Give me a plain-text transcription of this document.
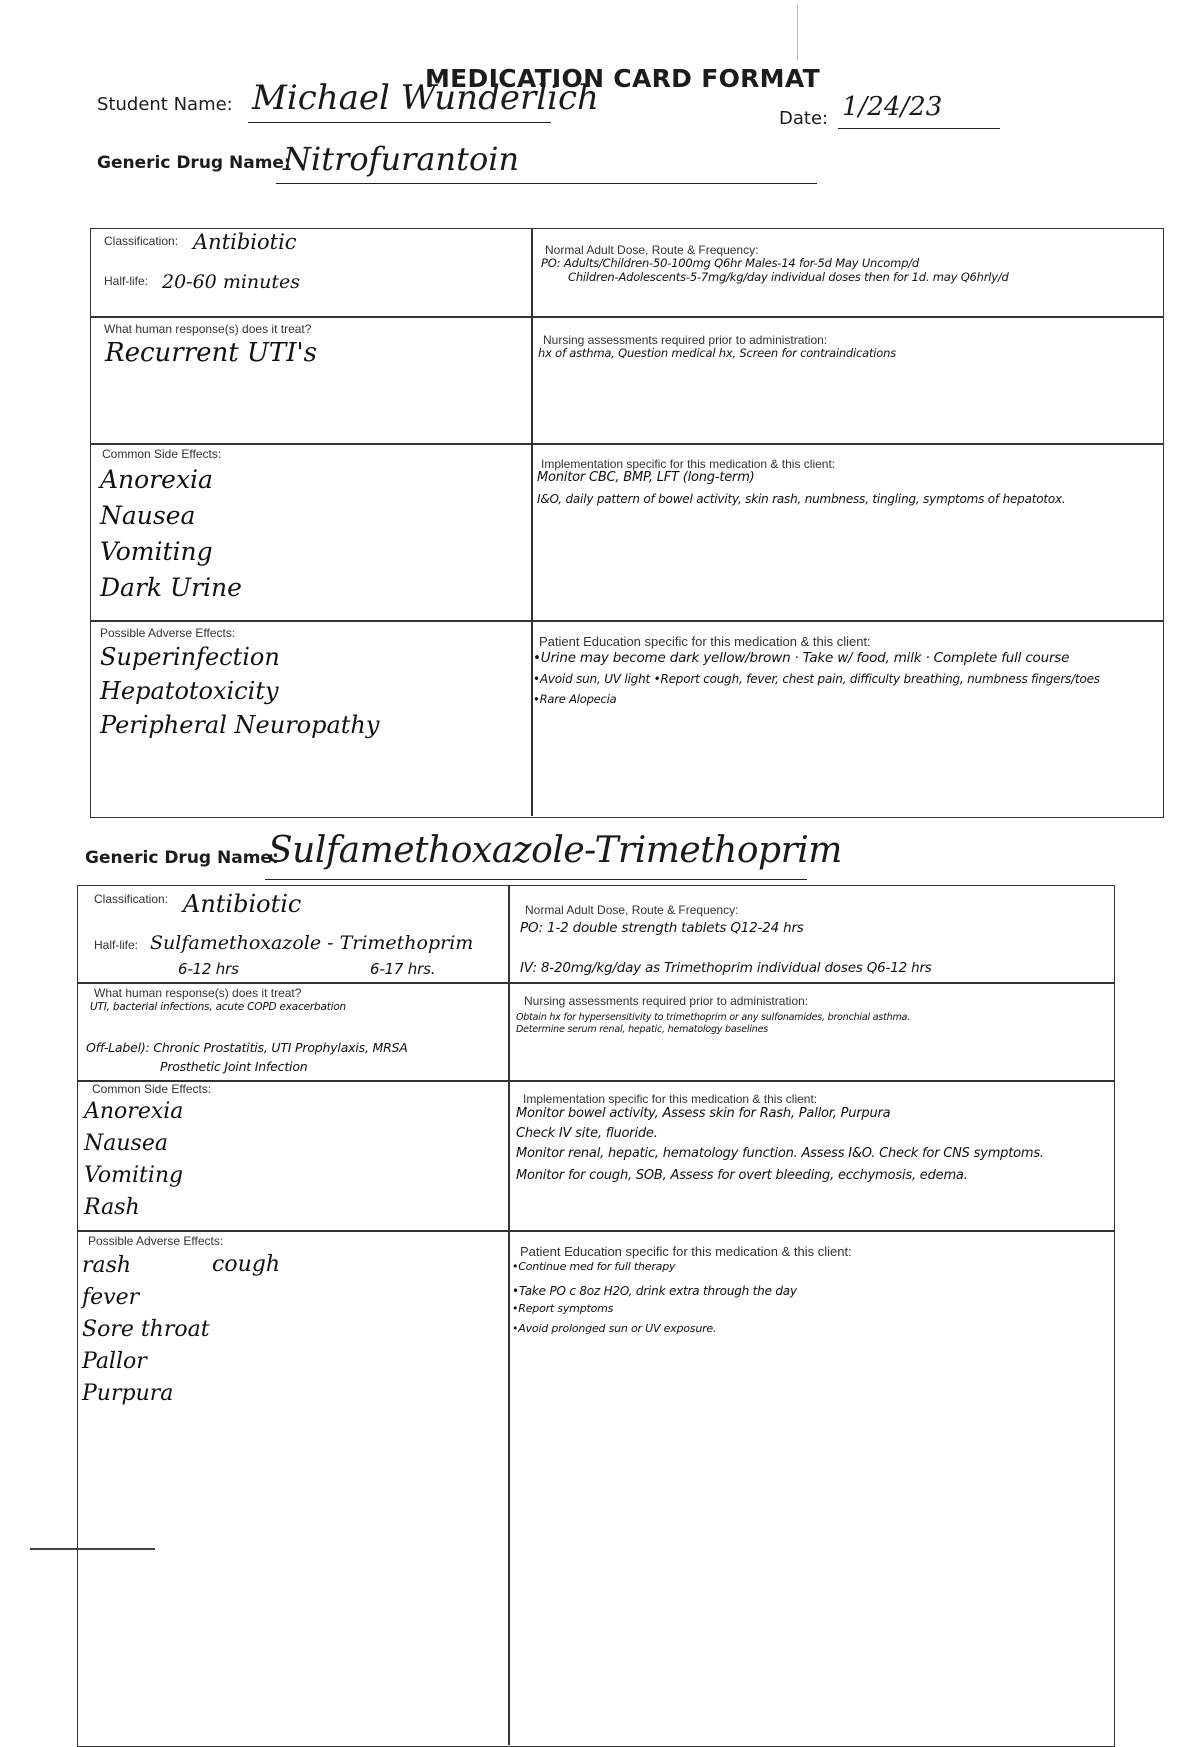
MEDICATION CARD FORMAT
Student Name: Michael Wunderlich
Date: 1/24/23
Generic Drug Name:
Nitrofurantoin
Classification: Antibiotic
Half-life: 20-60 minutes
Normal Adult Dose, Route & Frequency:
PO: Adults/Children-50-100mg Q6hr Males-14 for-5d May Uncomp/d
Children-Adolescents-5-7mg/kg/day individual doses then for 1d. may Q6hrly/d
What human response(s) does it treat?
Recurrent UTI's	Nursing assessments required prior to administration:
hx of asthma, Question medical hx, Screen for contraindications
Common Side Effects:
Anorexia
Nausea
Vomiting
Dark Urine
Implementation specific for this medication & this client:
Monitor CBC, BMP, LFT (long-term)
I&O, daily pattern of bowel activity, skin rash, numbness, tingling, symptoms of hepatotox.
Possible Adverse Effects:
Superinfection
Hepatotoxicity
Peripheral Neuropathy
Patient Education specific for this medication & this client:
•Urine may become dark yellow/brown · Take w/ food, milk · Complete full course
•Avoid sun, UV light •Report cough, fever, chest pain, difficulty breathing, numbness fingers/toes
•Rare Alopecia
Generic Drug Name:
Sulfamethoxazole-Trimethoprim
Classification: Antibiotic
Half-life: Sulfamethoxazole - Trimethoprim
6-12 hrs	6-17 hrs.
Normal Adult Dose, Route & Frequency:
PO: 1-2 double strength tablets Q12-24 hrs
IV: 8-20mg/kg/day as Trimethoprim individual doses Q6-12 hrs
What human response(s) does it treat?
UTI, bacterial infections, acute COPD exacerbation
Off-Label): Chronic Prostatitis, UTI Prophylaxis, MRSA
Prosthetic Joint Infection
Nursing assessments required prior to administration:
Obtain hx for hypersensitivity to trimethoprim or any sulfonamides, bronchial asthma.
Determine serum renal, hepatic, hematology baselines
Common Side Effects:
Anorexia
Nausea
Vomiting
Rash
Implementation specific for this medication & this client:
Monitor bowel activity, Assess skin for Rash, Pallor, Purpura
Check IV site, fluoride.
Monitor renal, hepatic, hematology function. Assess I&O. Check for CNS symptoms.
Monitor for cough, SOB, Assess for overt bleeding, ecchymosis, edema.
Possible Adverse Effects:
rash
fever
Sore throat
Pallor
Purpura
cough
Patient Education specific for this medication & this client:
•Continue med for full therapy
•Take PO c 8oz H2O, drink extra through the day
•Report symptoms
•Avoid prolonged sun or UV exposure.
